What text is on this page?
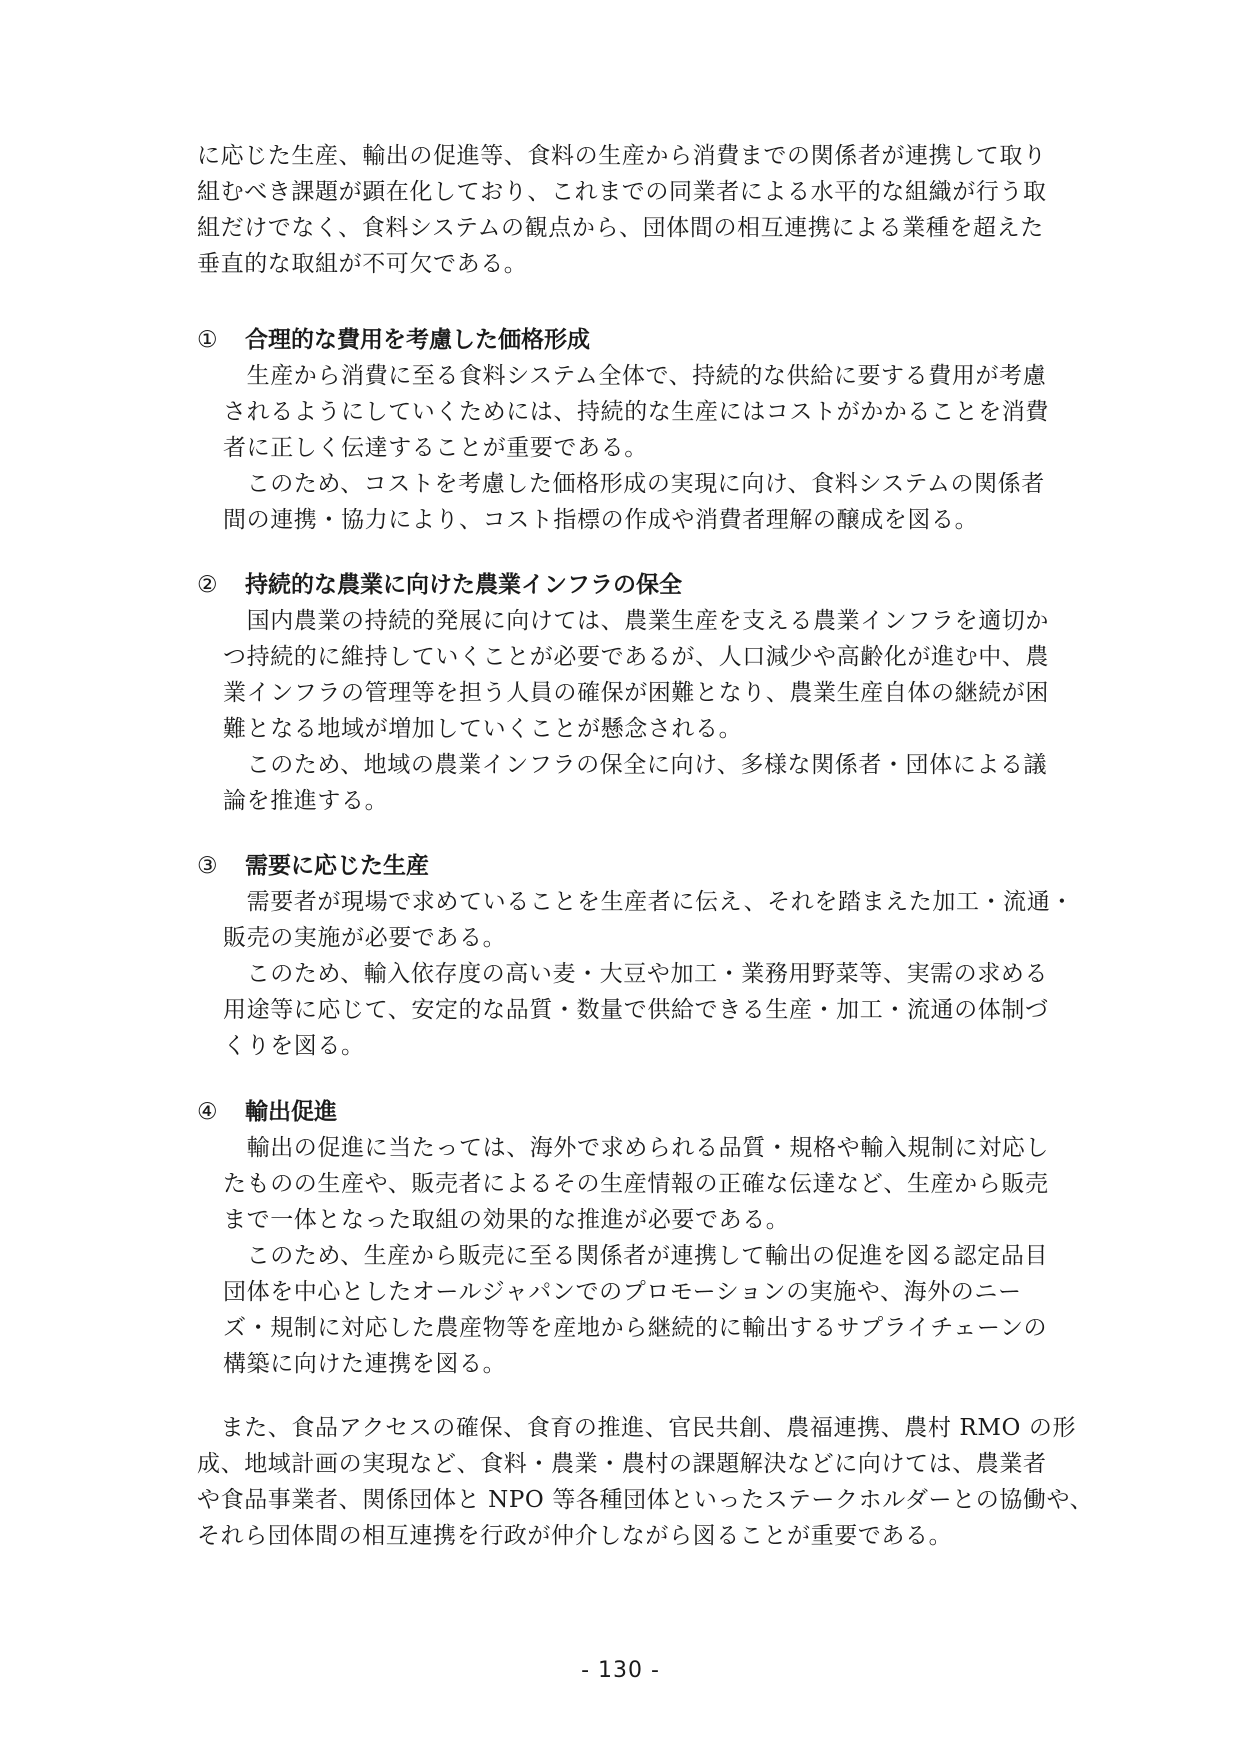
に応じた生産、輸出の促進等、食料の生産から消費までの関係者が連携して取り
組むべき課題が顕在化しており、これまでの同業者による水平的な組織が行う取
組だけでなく、食料システムの観点から、団体間の相互連携による業種を超えた
垂直的な取組が不可欠である。
① 合理的な費用を考慮した価格形成
　生産から消費に至る食料システム全体で、持続的な供給に要する費用が考慮
されるようにしていくためには、持続的な生産にはコストがかかることを消費
者に正しく伝達することが重要である。
　このため、コストを考慮した価格形成の実現に向け、食料システムの関係者
間の連携・協力により、コスト指標の作成や消費者理解の醸成を図る。
② 持続的な農業に向けた農業インフラの保全
　国内農業の持続的発展に向けては、農業生産を支える農業インフラを適切か
つ持続的に維持していくことが必要であるが、人口減少や高齢化が進む中、農
業インフラの管理等を担う人員の確保が困難となり、農業生産自体の継続が困
難となる地域が増加していくことが懸念される。
　このため、地域の農業インフラの保全に向け、多様な関係者・団体による議
論を推進する。
③ 需要に応じた生産
　需要者が現場で求めていることを生産者に伝え、それを踏まえた加工・流通・
販売の実施が必要である。
　このため、輸入依存度の高い麦・大豆や加工・業務用野菜等、実需の求める
用途等に応じて、安定的な品質・数量で供給できる生産・加工・流通の体制づ
くりを図る。
④ 輸出促進
　輸出の促進に当たっては、海外で求められる品質・規格や輸入規制に対応し
たものの生産や、販売者によるその生産情報の正確な伝達など、生産から販売
まで一体となった取組の効果的な推進が必要である。
　このため、生産から販売に至る関係者が連携して輸出の促進を図る認定品目
団体を中心としたオールジャパンでのプロモーションの実施や、海外のニー
ズ・規制に対応した農産物等を産地から継続的に輸出するサプライチェーンの
構築に向けた連携を図る。
　また、食品アクセスの確保、食育の推進、官民共創、農福連携、農村 RMO の形
成、地域計画の実現など、食料・農業・農村の課題解決などに向けては、農業者
や食品事業者、関係団体と NPO 等各種団体といったステークホルダーとの協働や、
それら団体間の相互連携を行政が仲介しながら図ることが重要である。
- 130 -
